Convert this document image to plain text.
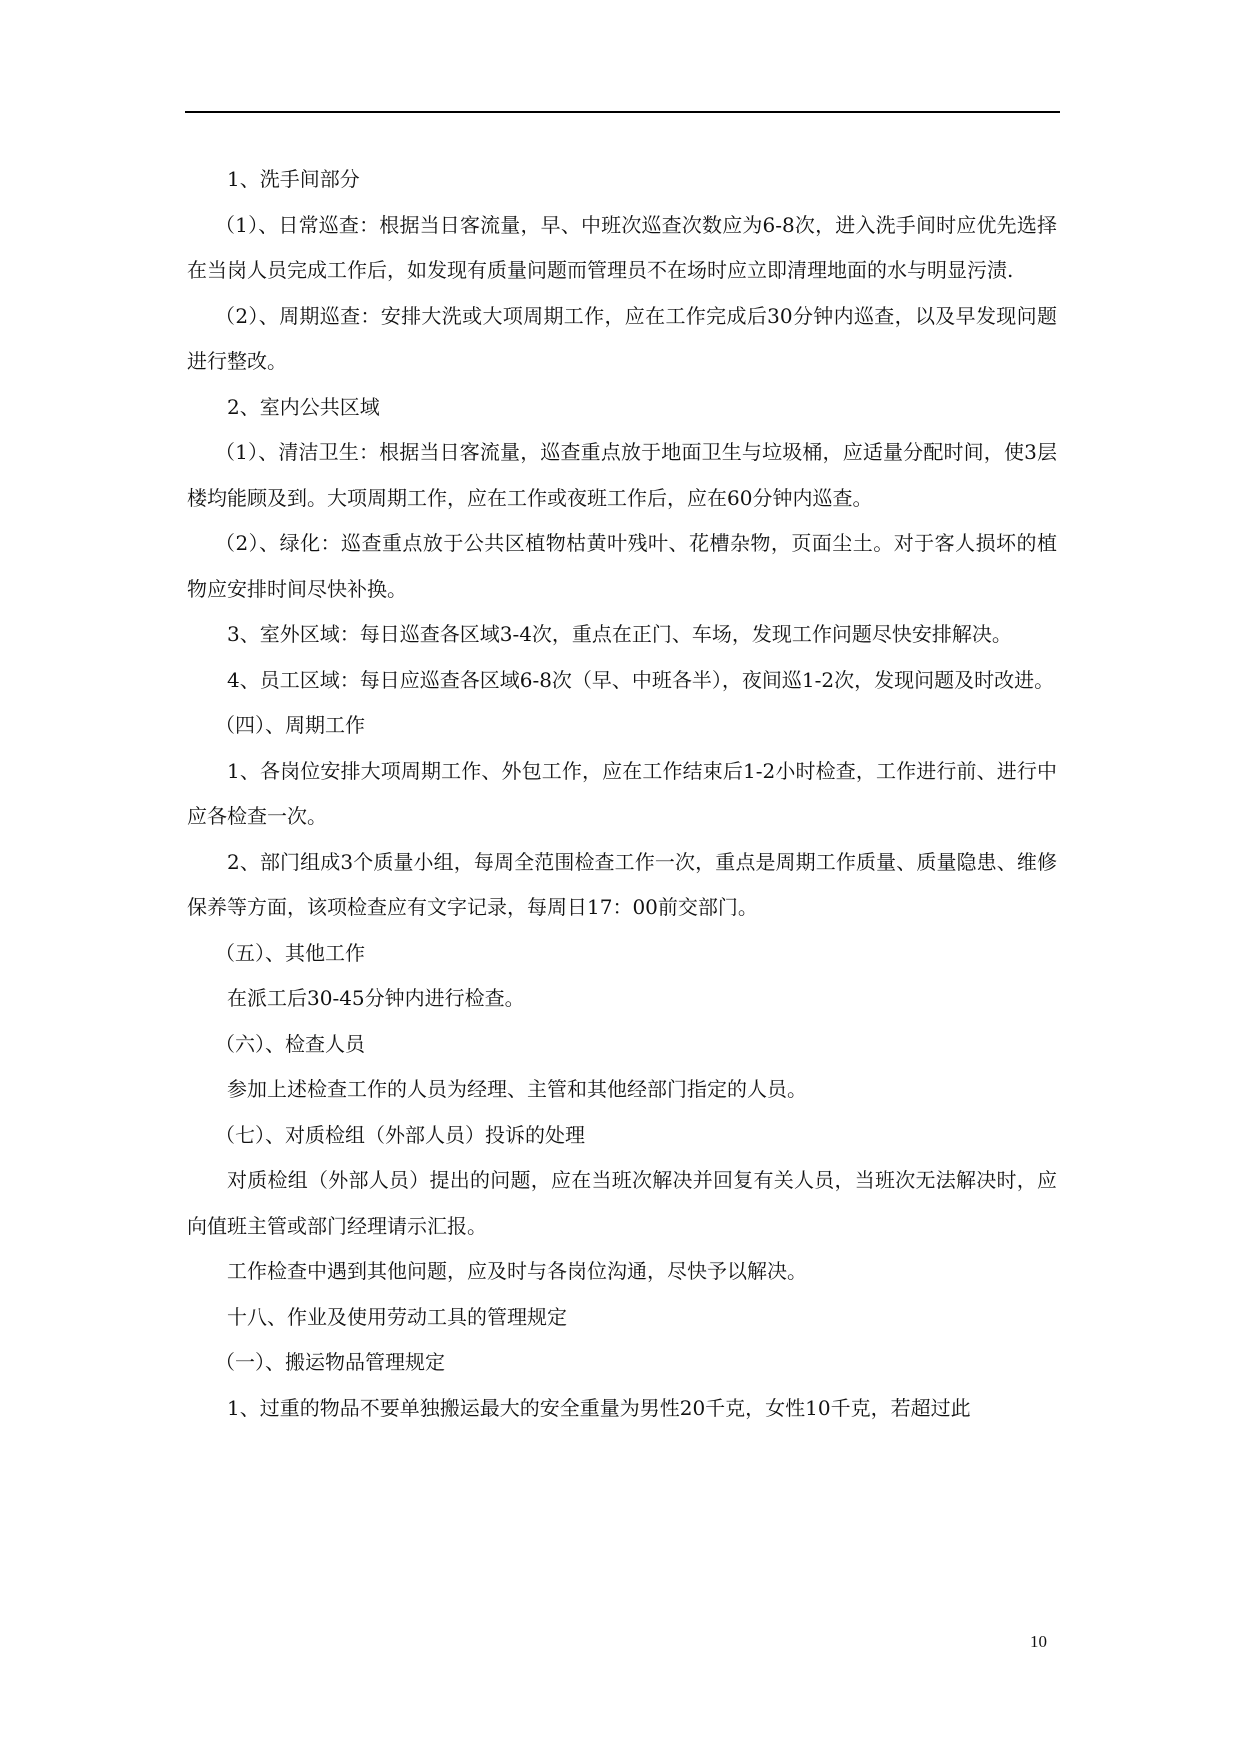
1、洗手间部分

（1）、日常巡查：根据当日客流量，早、中班次巡查次数应为6-8次，进入洗手间时应优先选择在当岗人员完成工作后，如发现有质量问题而管理员不在场时应立即清理地面的水与明显污渍.

（2）、周期巡查：安排大洗或大项周期工作，应在工作完成后30分钟内巡查，以及早发现问题进行整改。

2、室内公共区域

（1）、清洁卫生：根据当日客流量，巡查重点放于地面卫生与垃圾桶，应适量分配时间，使3层楼均能顾及到。大项周期工作，应在工作或夜班工作后，应在60分钟内巡查。

（2）、绿化：巡查重点放于公共区植物枯黄叶残叶、花槽杂物，页面尘土。对于客人损坏的植物应安排时间尽快补换。

3、室外区域：每日巡查各区域3-4次，重点在正门、车场，发现工作问题尽快安排解决。

4、员工区域：每日应巡查各区域6-8次（早、中班各半），夜间巡1-2次，发现问题及时改进。

（四）、周期工作

1、各岗位安排大项周期工作、外包工作，应在工作结束后1-2小时检查，工作进行前、进行中应各检查一次。

2、部门组成3个质量小组，每周全范围检查工作一次，重点是周期工作质量、质量隐患、维修保养等方面，该项检查应有文字记录，每周日17：00前交部门。

（五）、其他工作

在派工后30-45分钟内进行检查。

（六）、检查人员

参加上述检查工作的人员为经理、主管和其他经部门指定的人员。

（七）、对质检组（外部人员）投诉的处理

对质检组（外部人员）提出的问题，应在当班次解决并回复有关人员，当班次无法解决时，应向值班主管或部门经理请示汇报。

工作检查中遇到其他问题，应及时与各岗位沟通，尽快予以解决。

十八、作业及使用劳动工具的管理规定

（一）、搬运物品管理规定

1、过重的物品不要单独搬运最大的安全重量为男性20千克，女性10千克，若超过此

10
